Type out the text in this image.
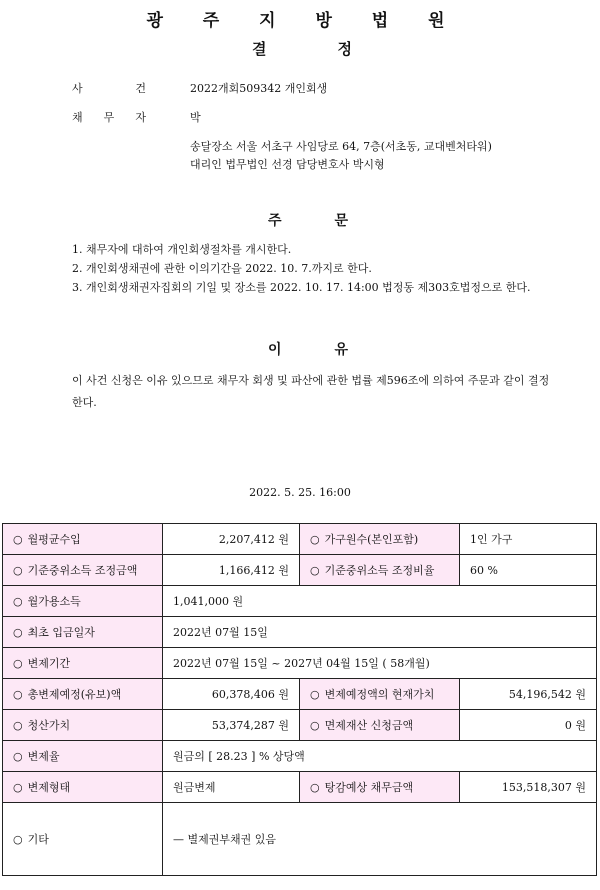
광 주 지 방 법 원
결	정
사	건	2022개회509342 개인회생
채 무 자	박
송달장소 서울 서초구 사임당로 64, 7층(서초동, 교대벤처타워)
대리인 법무법인 선경 담당변호사 박시형
주	문
1. 채무자에 대하여 개인회생절차를 개시한다.
2. 개인회생채권에 관한 이의기간을 2022. 10. 7.까지로 한다.
3. 개인회생채권자집회의 기일 및 장소를 2022. 10. 17. 14:00 법정동 제303호법정으로 한다.
이	유
이 사건 신청은 이유 있으므로 채무자 회생 및 파산에 관한 법률 제596조에 의하여 주문과 같이 결정한다.
2022. 5. 25. 16:00
○ 월평균수입	2,207,412 원	○ 가구원수(본인포함)	1인 가구
○ 기준중위소득 조정금액	1,166,412 원	○ 기준중위소득 조정비율	60 %
○ 월가용소득	1,041,000 원		
○ 최초 입금일자	2022년 07월 15일		
○ 변제기간	2022년 07월 15일 ~ 2027년 04월 15일 ( 58개월)		
○ 총변제예정(유보)액	60,378,406 원	○ 변제예정액의 현재가치	54,196,542 원
○ 청산가치	53,374,287 원	○ 면제재산 신청금액	0 원
○ 변제율	원금의 [ 28.23 ] % 상당액		
○ 변제형태	원금변제	○ 탕감예상 채무금액	153,518,307 원
○ 기타	— 별제권부채권 있음		
